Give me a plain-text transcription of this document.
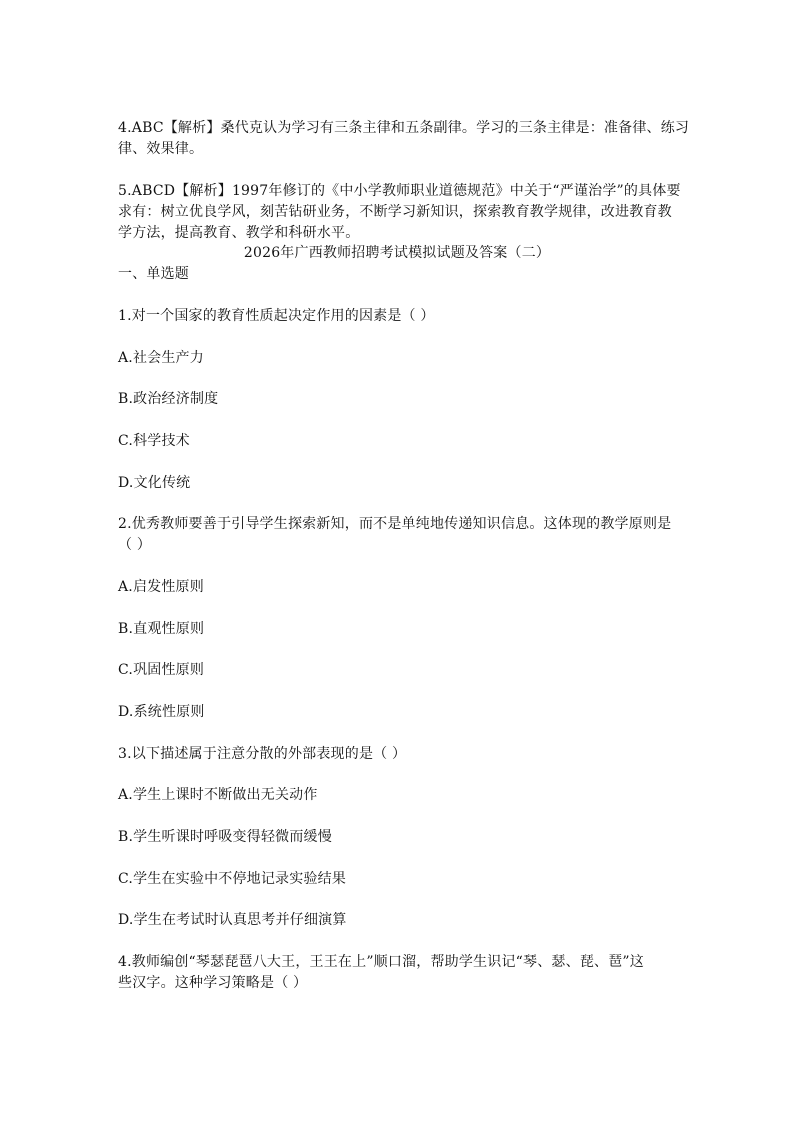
4.ABC【解析】桑代克认为学习有三条主律和五条副律。学习的三条主律是：准备律、练习
律、效果律。
5.ABCD【解析】1997年修订的《中小学教师职业道德规范》中关于“严谨治学”的具体要
求有：树立优良学风，刻苦钻研业务，不断学习新知识，探索教育教学规律，改进教育教
学方法，提高教育、教学和科研水平。
2026年广西教师招聘考试模拟试题及答案（二）
一、单选题
1.对一个国家的教育性质起决定作用的因素是（ ）
A.社会生产力
B.政治经济制度
C.科学技术
D.文化传统
2.优秀教师要善于引导学生探索新知，而不是单纯地传递知识信息。这体现的教学原则是
（ ）
A.启发性原则
B.直观性原则
C.巩固性原则
D.系统性原则
3.以下描述属于注意分散的外部表现的是（ ）
A.学生上课时不断做出无关动作
B.学生听课时呼吸变得轻微而缓慢
C.学生在实验中不停地记录实验结果
D.学生在考试时认真思考并仔细演算
4.教师编创“琴瑟琵琶八大王，王王在上”顺口溜，帮助学生识记“琴、瑟、琵、琶”这
些汉字。这种学习策略是（ ）
